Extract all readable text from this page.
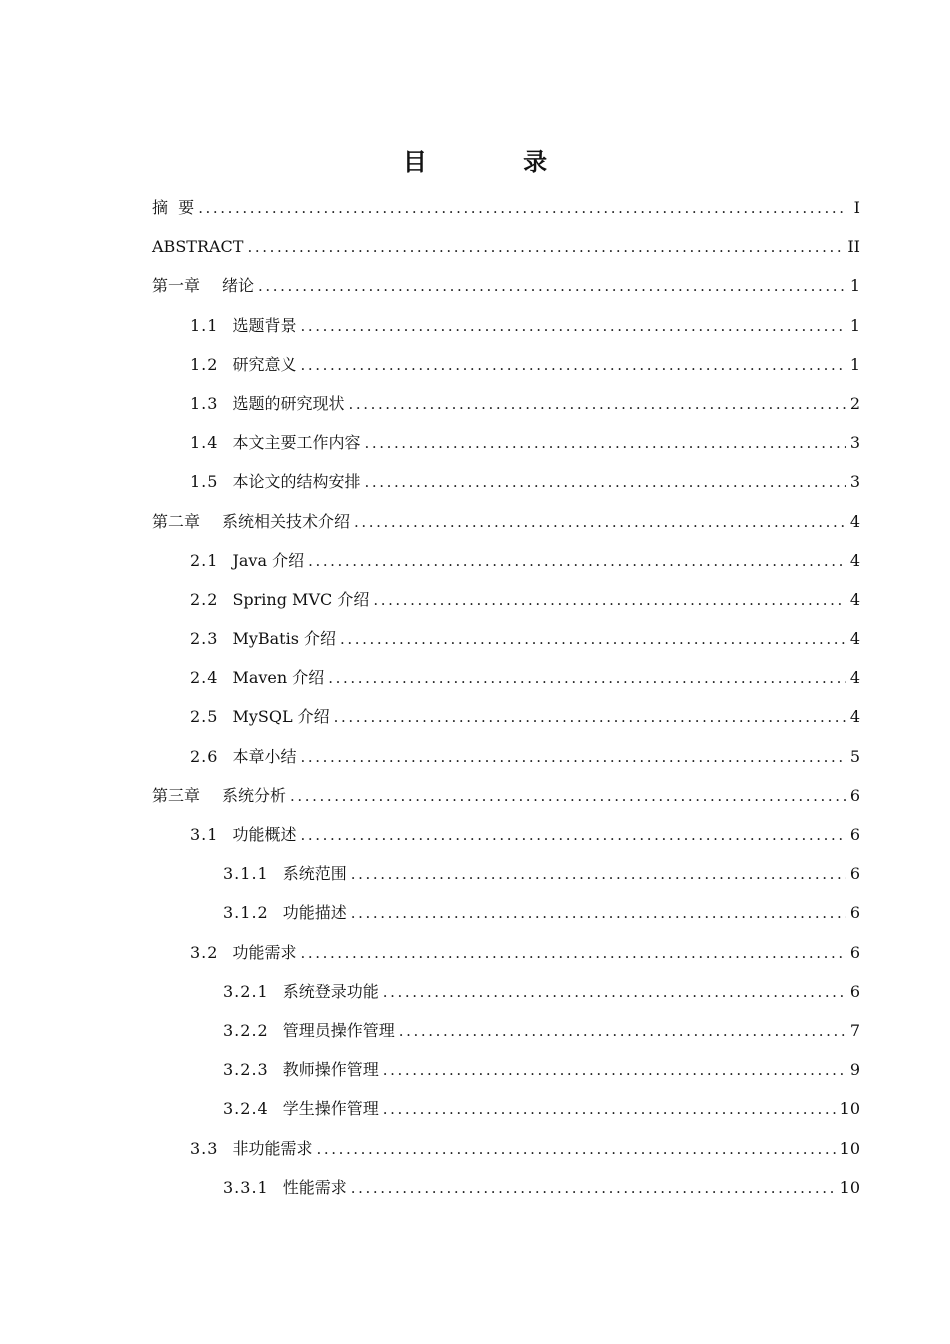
目 录
摘  要 .....	I
ABSTRACT .....	II
第一章 绪论 .....	1
1.1 选题背景 .....	1
1.2 研究意义 .....	1
1.3 选题的研究现状 .....	2
1.4 本文主要工作内容 .....	3
1.5 本论文的结构安排 .....	3
第二章 系统相关技术介绍 .....	4
2.1 Java 介绍 .....	4
2.2 Spring MVC 介绍 .....	4
2.3 MyBatis 介绍 .....	4
2.4 Maven 介绍 .....	4
2.5 MySQL 介绍 .....	4
2.6 本章小结 .....	5
第三章 系统分析 .....	6
3.1 功能概述 .....	6
3.1.1 系统范围 .....	6
3.1.2 功能描述 .....	6
3.2 功能需求 .....	6
3.2.1 系统登录功能 .....	6
3.2.2 管理员操作管理 .....	7
3.2.3 教师操作管理 .....	9
3.2.4 学生操作管理 .....	10
3.3 非功能需求 .....	10
3.3.1 性能需求 .....	10
